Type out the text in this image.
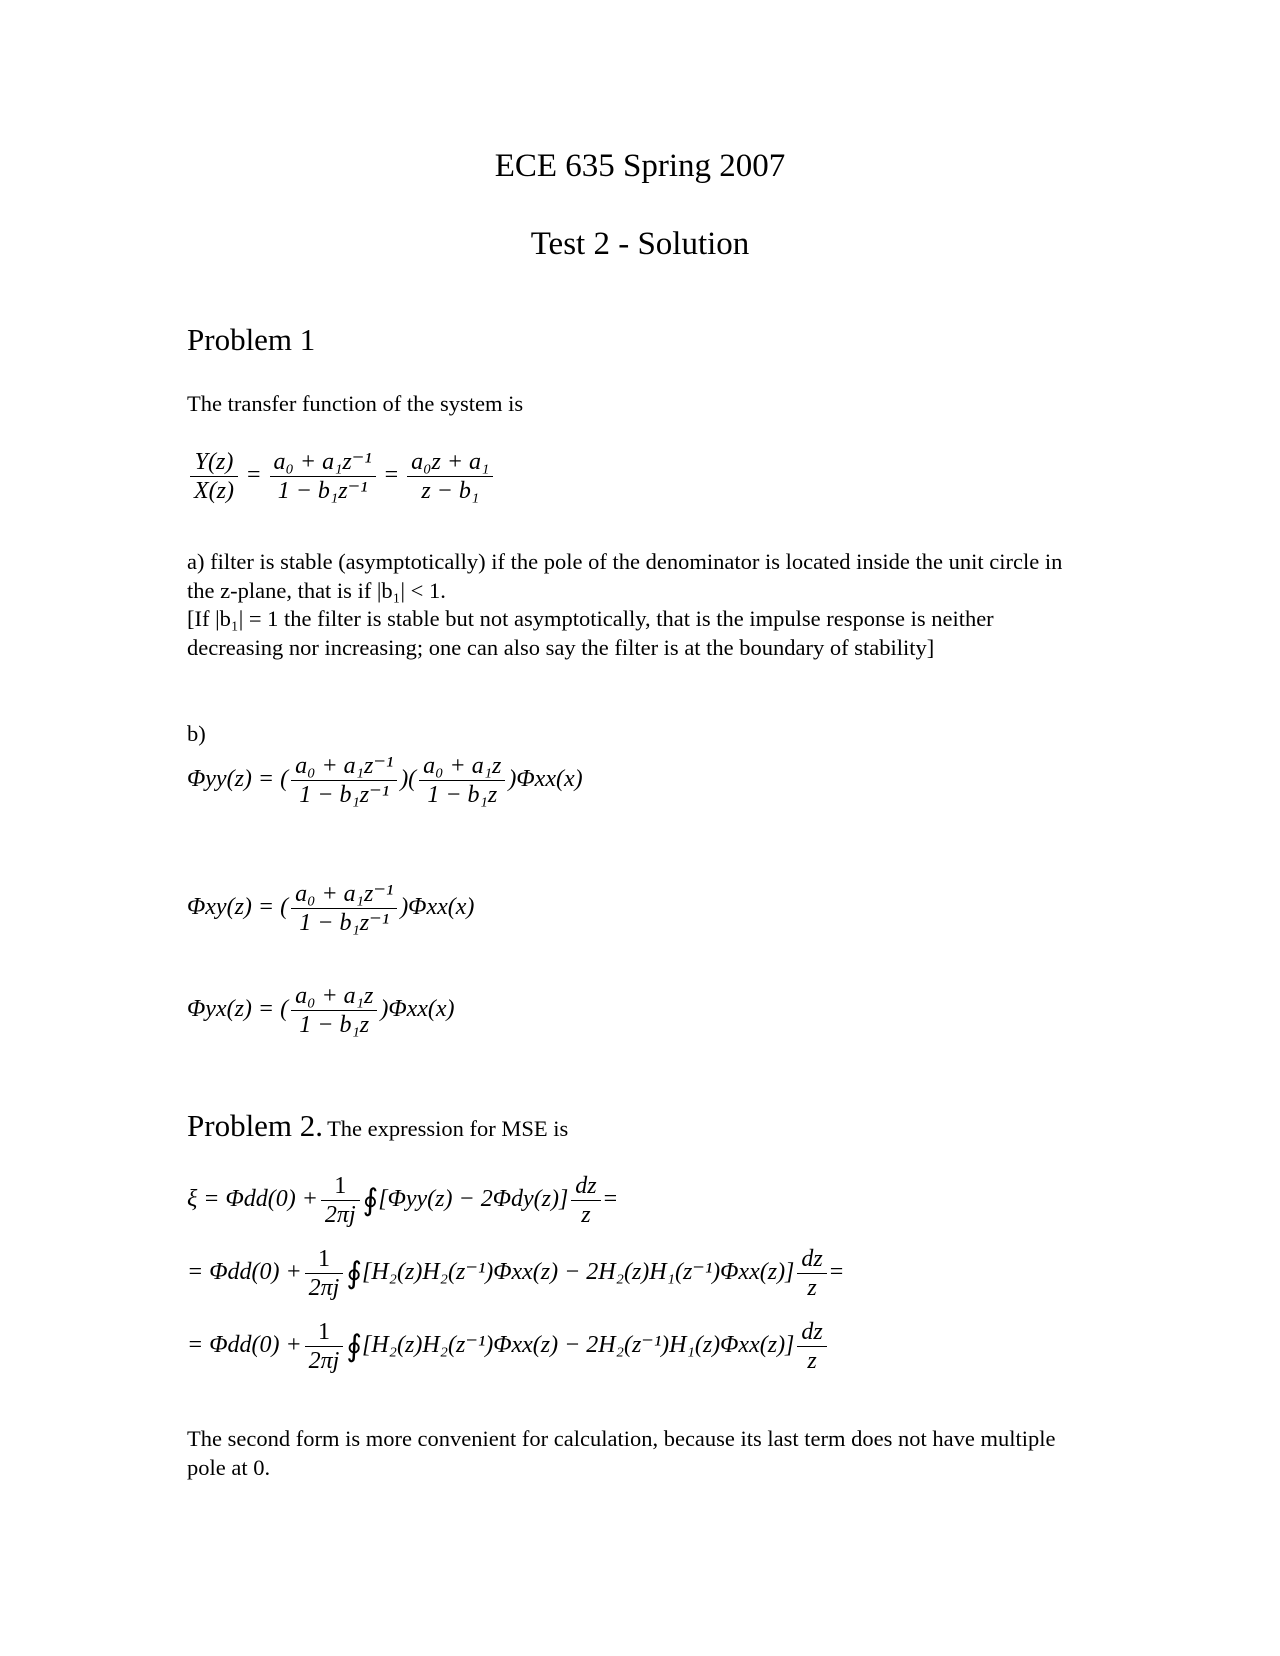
ECE 635 Spring 2007
Test 2 - Solution
Problem 1
The transfer function of the system is
$\frac{Y(z)}{X(z)} = \frac{\text{a₀ + a₁z⁻¹}}{\text{1 − b₁z⁻¹}} = \frac{\text{a₀z + a₁}}{\text{z − b₁}}$
a) filter is stable (asymptotically) if the pole of the denominator is located inside the unit circle in the z-plane, that is if |b₁| < 1.
[If |b₁| = 1 the filter is stable but not asymptotically, that is the impulse response is neither decreasing nor increasing; one can also say the filter is at the boundary of stability]
b)
Φyy(z) = ( $\frac{\text{a₀ + a₁z⁻¹}}{\text{1 − b₁z⁻¹}}$ )( $\frac{\text{a₀ + a₁z}}{\text{1 − b₁z}} )\Phi xx(x)$
Φxy(z) = ( $\frac{\text{a₀ + a₁z⁻¹}}{\text{1 − b₁z⁻¹}} )\Phi xx(x)$
Φyx(z) = ( $\frac{\text{a₀ + a₁z}}{\text{1 − b₁z}} )\Phi xx(x)$
Problem 2. The expression for MSE is
$\xi = \Phi dd(0) + \frac{1}{2\pi j}$ ∮[Φyy(z) − $2\Phi dy(z)] \frac{dz}{z}$ =
= $\Phi dd(0) + \frac{1}{2\pi j}$ ∮[H₂(z)H₂(z⁻¹)Φxx(z) − $2H_2(z)H_1(z^{-1})\Phi xx(z)] \frac{dz}{z}$ =
= $\Phi dd(0) + \frac{1}{2\pi j}$ ∮[H₂(z)H₂(z⁻¹)Φxx(z) − $2H_2(z^{-1})H_1(z)\Phi xx(z)] \frac{dz}{z}$
The second form is more convenient for calculation, because its last term does not have multiple pole at 0.
